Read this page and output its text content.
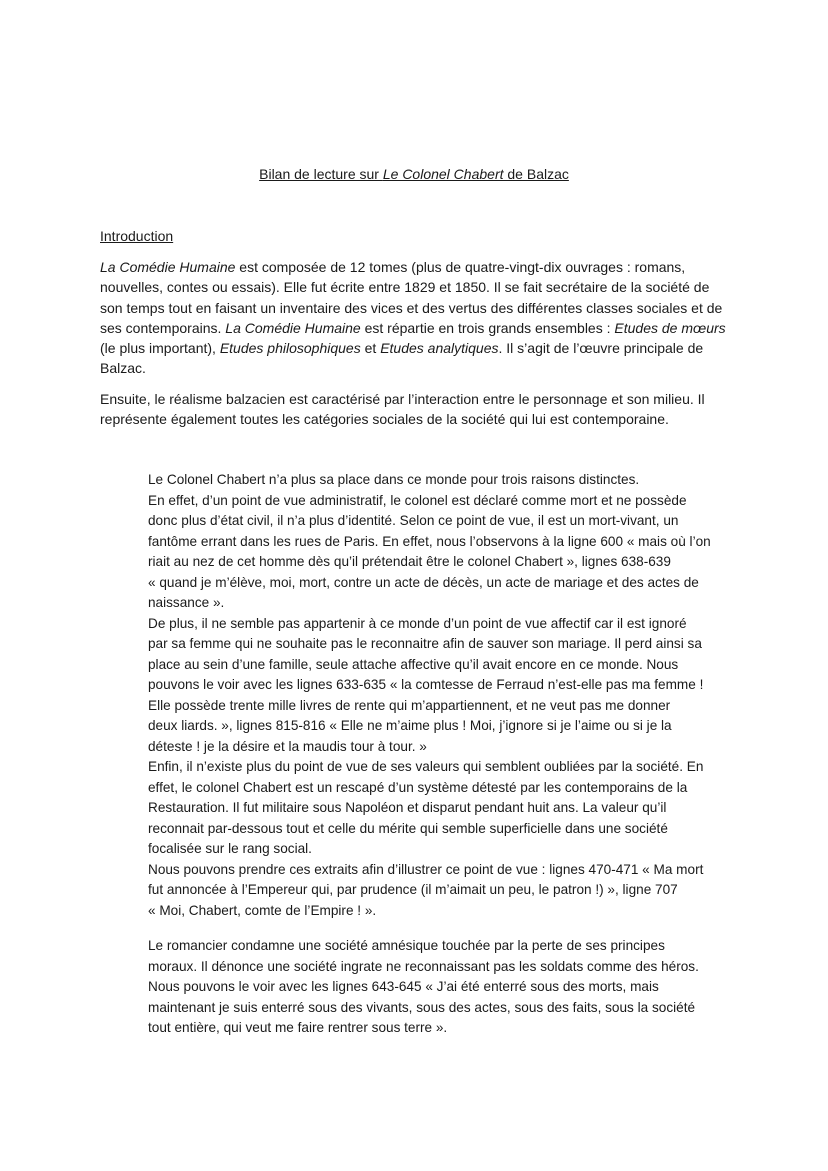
Bilan de lecture sur Le Colonel Chabert de Balzac
Introduction
La Comédie Humaine est composée de 12 tomes (plus de quatre-vingt-dix ouvrages : romans,
nouvelles, contes ou essais). Elle fut écrite entre 1829 et 1850. Il se fait secrétaire de la société de
son temps tout en faisant un inventaire des vices et des vertus des différentes classes sociales et de
ses contemporains. La Comédie Humaine est répartie en trois grands ensembles : Etudes de mœurs
(le plus important), Etudes philosophiques et Etudes analytiques. Il s’agit de l’œuvre principale de
Balzac.
Ensuite, le réalisme balzacien est caractérisé par l’interaction entre le personnage et son milieu. Il
représente également toutes les catégories sociales de la société qui lui est contemporaine.
Le Colonel Chabert n’a plus sa place dans ce monde pour trois raisons distinctes.
En effet, d’un point de vue administratif, le colonel est déclaré comme mort et ne possède
donc plus d’état civil, il n’a plus d’identité. Selon ce point de vue, il est un mort-vivant, un
fantôme errant dans les rues de Paris. En effet, nous l’observons à la ligne 600 « mais où l’on
riait au nez de cet homme dès qu’il prétendait être le colonel Chabert », lignes 638-639
« quand je m’élève, moi, mort, contre un acte de décès, un acte de mariage et des actes de
naissance ».
De plus, il ne semble pas appartenir à ce monde d’un point de vue affectif car il est ignoré
par sa femme qui ne souhaite pas le reconnaitre afin de sauver son mariage. Il perd ainsi sa
place au sein d’une famille, seule attache affective qu’il avait encore en ce monde. Nous
pouvons le voir avec les lignes 633-635 « la comtesse de Ferraud n’est-elle pas ma femme !
Elle possède trente mille livres de rente qui m’appartiennent, et ne veut pas me donner
deux liards. », lignes 815-816 « Elle ne m’aime plus ! Moi, j’ignore si je l’aime ou si je la
déteste ! je la désire et la maudis tour à tour. »
Enfin, il n’existe plus du point de vue de ses valeurs qui semblent oubliées par la société. En
effet, le colonel Chabert est un rescapé d’un système détesté par les contemporains de la
Restauration. Il fut militaire sous Napoléon et disparut pendant huit ans. La valeur qu’il
reconnait par-dessous tout et celle du mérite qui semble superficielle dans une société
focalisée sur le rang social.
Nous pouvons prendre ces extraits afin d’illustrer ce point de vue : lignes 470-471 « Ma mort
fut annoncée à l’Empereur qui, par prudence (il m’aimait un peu, le patron !) », ligne 707
« Moi, Chabert, comte de l’Empire ! ».
Le romancier condamne une société amnésique touchée par la perte de ses principes
moraux. Il dénonce une société ingrate ne reconnaissant pas les soldats comme des héros.
Nous pouvons le voir avec les lignes 643-645 « J’ai été enterré sous des morts, mais
maintenant je suis enterré sous des vivants, sous des actes, sous des faits, sous la société
tout entière, qui veut me faire rentrer sous terre ».
